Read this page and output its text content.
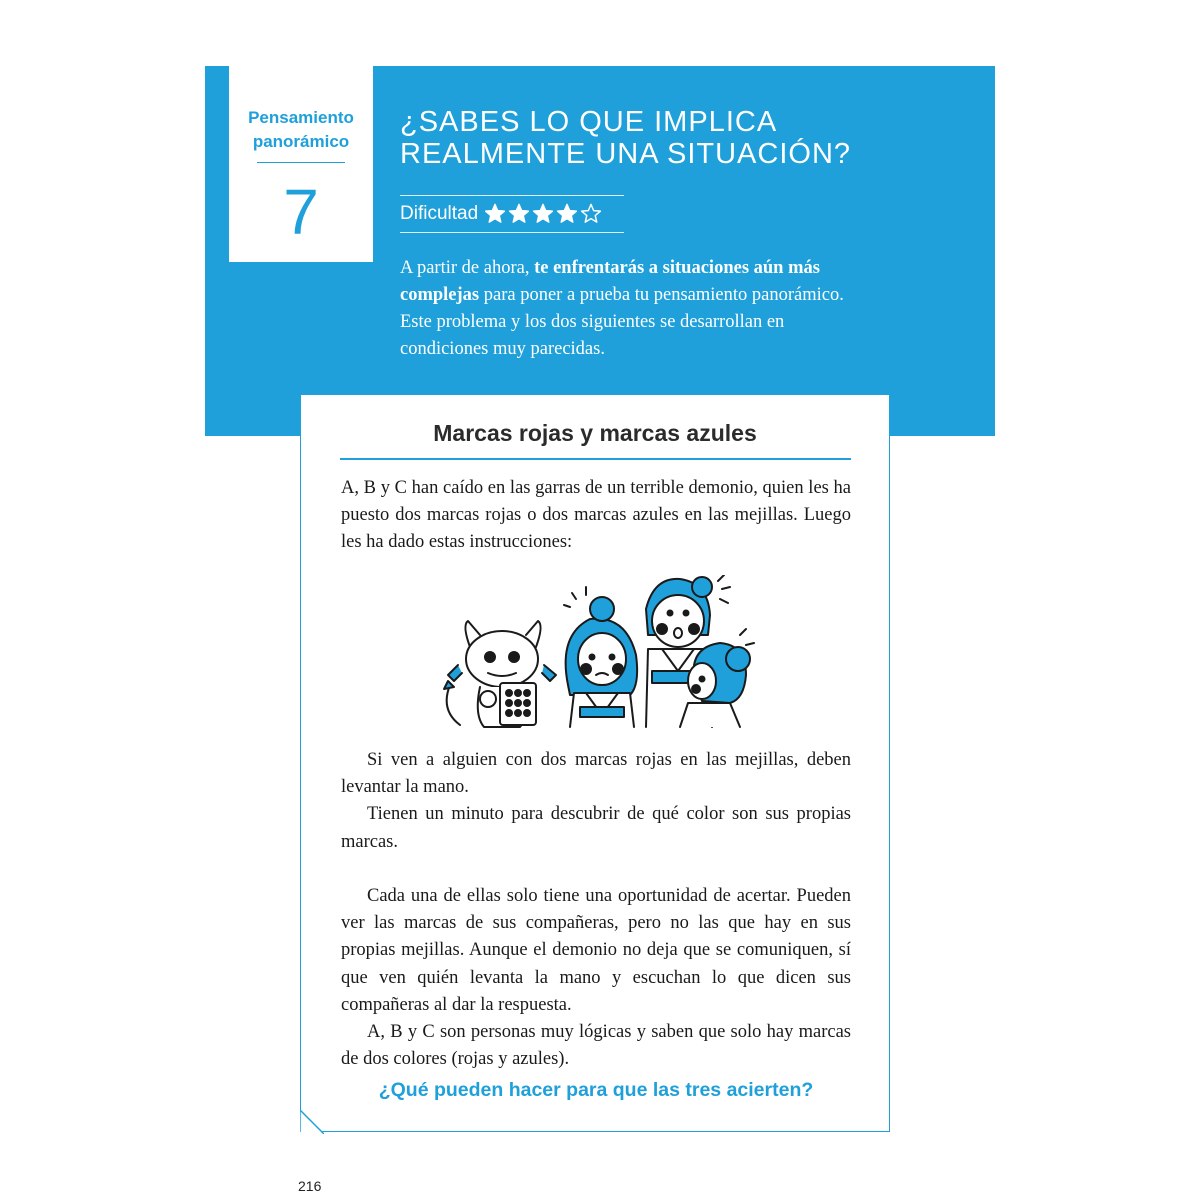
Pensamiento panorámico
7
¿SABES LO QUE IMPLICA
REALMENTE UNA SITUACIÓN?
Dificultad
A partir de ahora, te enfrentarás a situaciones aún más complejas para poner a prueba tu pensamiento panorámico. Este problema y los dos siguientes se desarrollan en condiciones muy parecidas.
Marcas rojas y marcas azules

A, B y C han caído en las garras de un terrible demonio, quien les ha puesto dos marcas rojas o dos marcas azules en las mejillas. Luego les ha dado estas instrucciones:

Si ven a alguien con dos marcas rojas en las mejillas, deben levantar la mano.

Tienen un minuto para descubrir de qué color son sus propias marcas.

Cada una de ellas solo tiene una oportunidad de acertar. Pueden ver las marcas de sus compañeras, pero no las que hay en sus propias mejillas. Aunque el demonio no deja que se comuniquen, sí que ven quién levanta la mano y escuchan lo que dicen sus compañeras al dar la respuesta.

A, B y C son personas muy lógicas y saben que solo hay marcas de dos colores (rojas y azules).

¿Qué pueden hacer para que las tres acierten?
216
